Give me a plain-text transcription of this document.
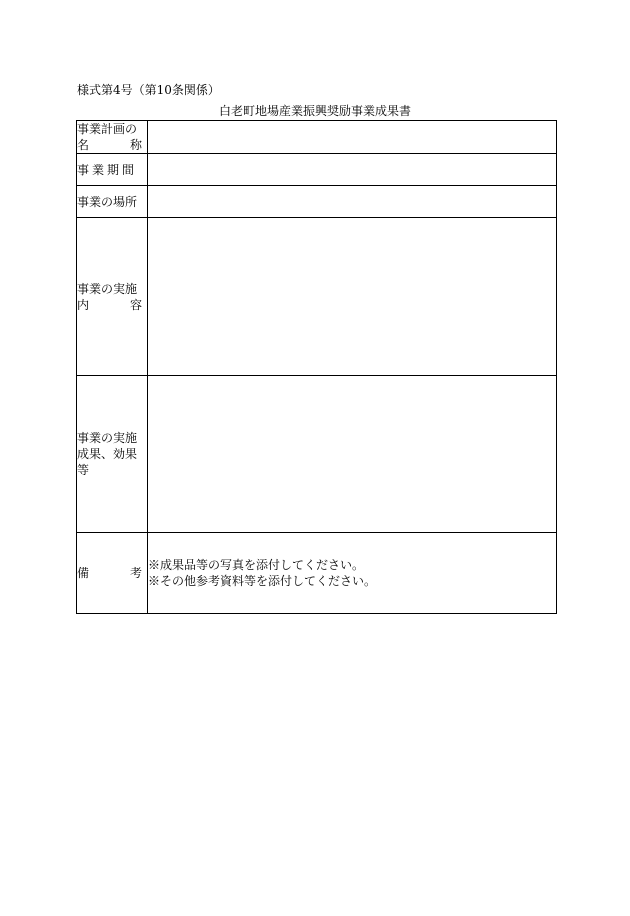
様式第4号（第10条関係）
白老町地場産業振興奨励事業成果書
事業計画の
名 称	

事業期間	

事業の場所	

事業の実施
内 容	

事業の実施
成果、効果
等	

備 考	※成果品等の写真を添付してください。
※その他参考資料等を添付してください。
